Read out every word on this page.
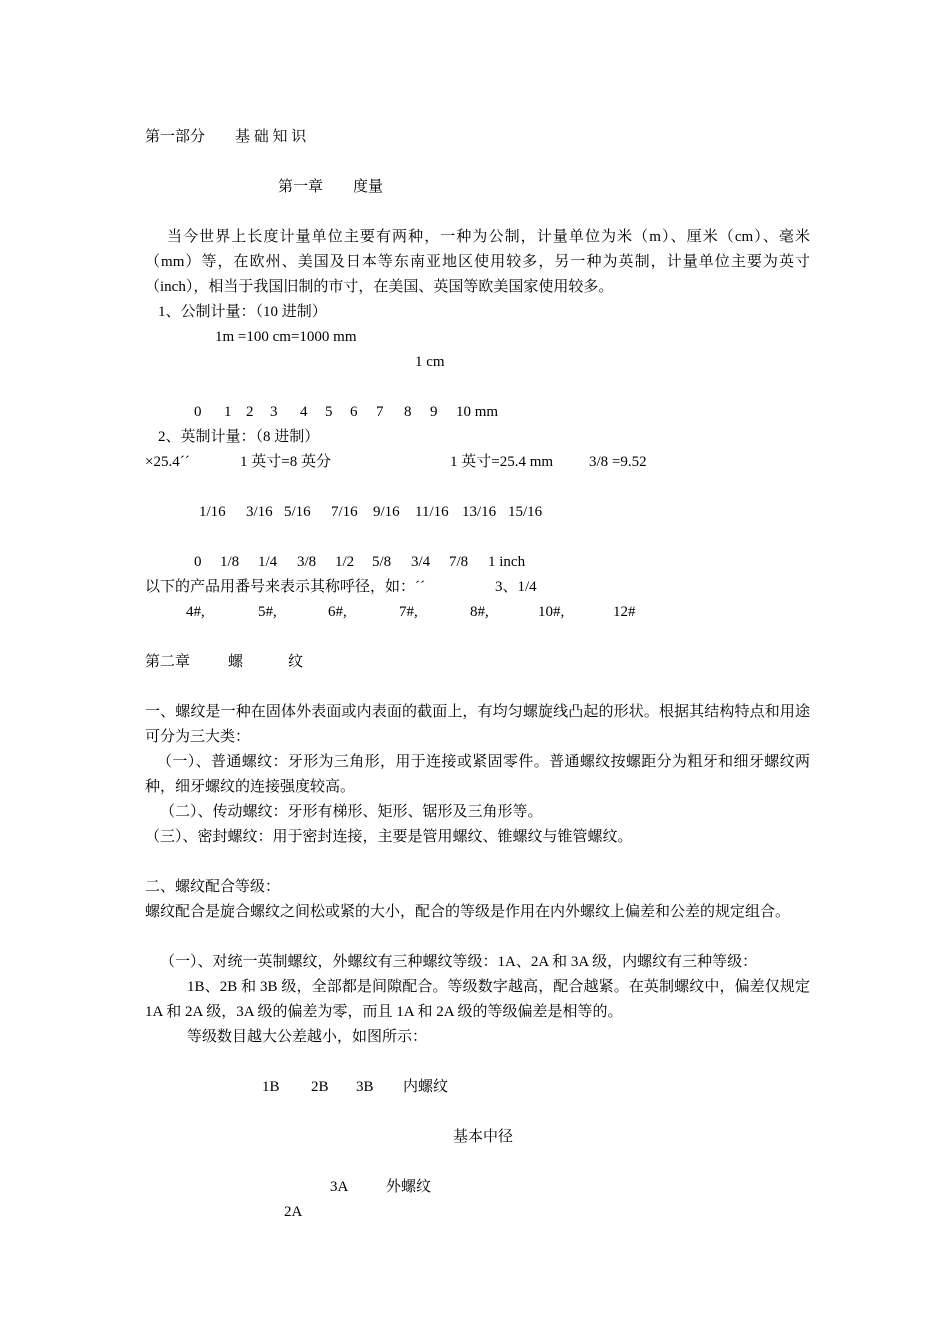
第一部分　　基 础 知 识
第一章　　度量
当今世界上长度计量单位主要有两种，一种为公制，计量单位为米（m）、厘米（cm）、毫米（mm）等，在欧州、美国及日本等东南亚地区使用较多，另一种为英制，计量单位主要为英寸（inch），相当于我国旧制的市寸，在美国、英国等欧美国家使用较多。
1、公制计量：（10 进制）
1m =100 cm=1000 mm
1 cm
0 1 2 3 4 5 6 7 8 9 10 mm
2、英制计量：（8 进制）
×25.4´´	1 英寸=8 英分	1 英寸=25.4 mm 3/8 =9.52
1/16 3/16 5/16 7/16 9/16 11/16 13/16 15/16
0 1/8 1/4 3/8 1/2 5/8 3/4 7/8 1 inch
以下的产品用番号来表示其称呼径，如：´´	3、1/4
4#,	5#,	6#,	7#,	8#,	10#,	12#
第二章	螺	纹
一、螺纹是一种在固体外表面或内表面的截面上，有均匀螺旋线凸起的形状。根据其结构特点和用途可分为三大类：
（一）、普通螺纹：牙形为三角形，用于连接或紧固零件。普通螺纹按螺距分为粗牙和细牙螺纹两种，细牙螺纹的连接强度较高。
（二）、传动螺纹：牙形有梯形、矩形、锯形及三角形等。
（三）、密封螺纹：用于密封连接，主要是管用螺纹、锥螺纹与锥管螺纹。
二、螺纹配合等级：
螺纹配合是旋合螺纹之间松或紧的大小，配合的等级是作用在内外螺纹上偏差和公差的规定组合。
（一）、对统一英制螺纹，外螺纹有三种螺纹等级：1A、2A 和 3A 级，内螺纹有三种等级：
1B、2B 和 3B 级，全部都是间隙配合。等级数字越高，配合越紧。在英制螺纹中，偏差仅规定 1A 和 2A 级，3A 级的偏差为零，而且 1A 和 2A 级的等级偏差是相等的。
等级数目越大公差越小，如图所示：
1B 2B 3B 内螺纹
基本中径
3A	外螺纹
2A
